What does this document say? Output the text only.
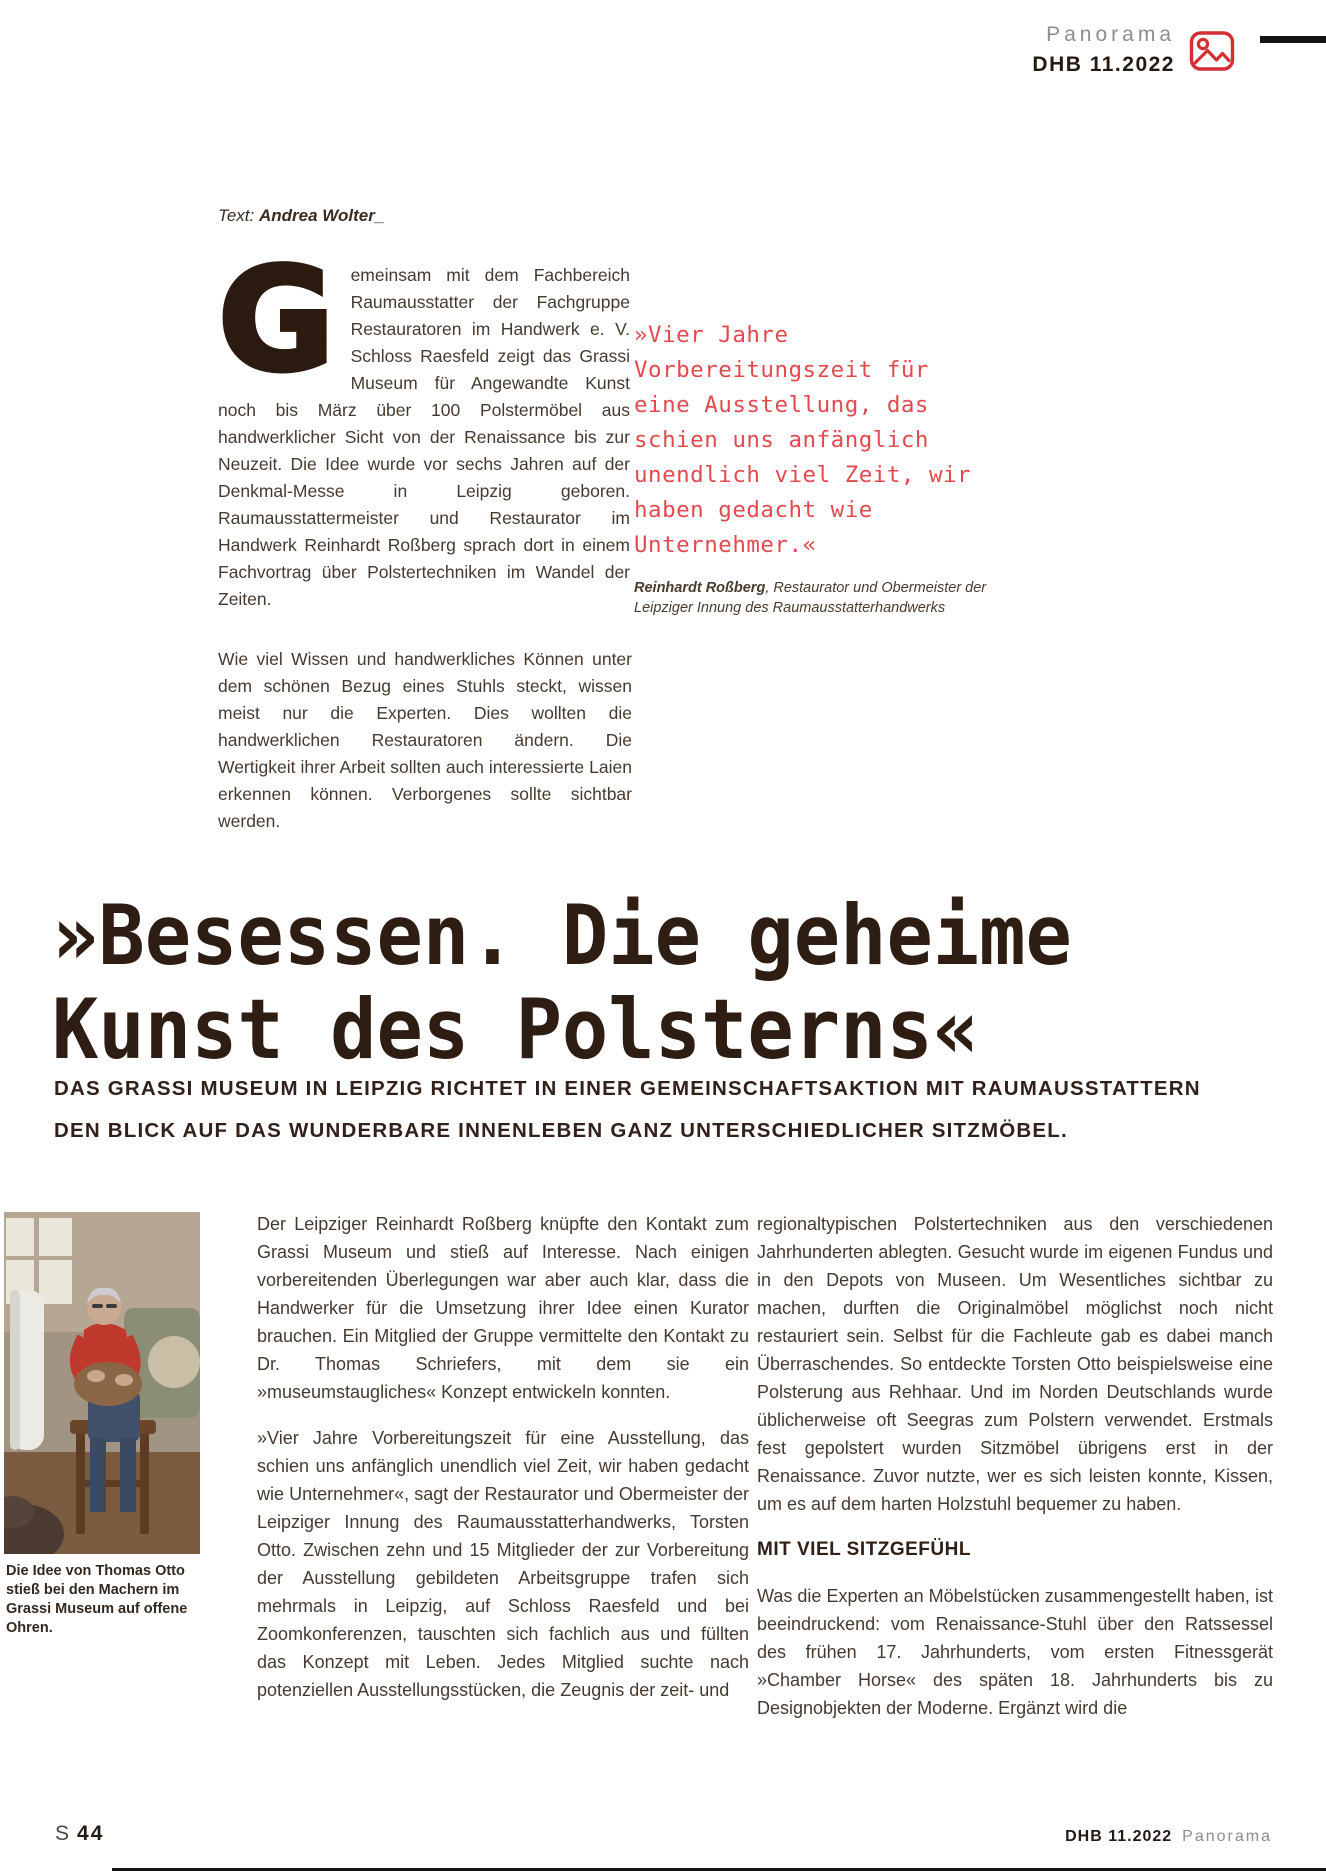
Panorama
DHB 11.2022
Text: Andrea Wolter_
Gemeinsam mit dem Fachbereich Raumausstatter der Fachgruppe Restauratoren im Handwerk e. V. Schloss Raesfeld zeigt das Grassi Museum für Angewandte Kunst noch bis März über 100 Polstermöbel aus handwerklicher Sicht von der Renaissance bis zur Neuzeit. Die Idee wurde vor sechs Jahren auf der Denkmal-Messe in Leipzig geboren. Raumausstattermeister und Restaurator im Handwerk Reinhardt Roßberg sprach dort in einem Fachvortrag über Polstertechniken im Wandel der Zeiten.
Wie viel Wissen und handwerkliches Können unter dem schönen Bezug eines Stuhls steckt, wissen meist nur die Experten. Dies wollten die handwerklichen Restauratoren ändern. Die Wertigkeit ihrer Arbeit sollten auch interessierte Laien erkennen können. Verborgenes sollte sichtbar werden.
»Vier Jahre
Vorbereitungszeit für
eine Ausstellung, das
schien uns anfänglich
unendlich viel Zeit, wir
haben gedacht wie
Unternehmer.«
Reinhardt Roßberg, Restaurator und Obermeister der Leipziger Innung des Raumausstatterhandwerks
»Besessen. Die geheime
Kunst des Polsterns«
DAS GRASSI MUSEUM IN LEIPZIG RICHTET IN EINER GEMEINSCHAFTSAKTION MIT RAUMAUSSTATTERN
DEN BLICK AUF DAS WUNDERBARE INNENLEBEN GANZ UNTERSCHIEDLICHER SITZMÖBEL.
Die Idee von Thomas Otto stieß bei den Machern im Grassi Museum auf offene Ohren.

Der Leipziger Reinhardt Roßberg knüpfte den Kontakt zum Grassi Museum und stieß auf Interesse. Nach einigen vorbereitenden Überlegungen war aber auch klar, dass die Handwerker für die Umsetzung ihrer Idee einen Kurator brauchen. Ein Mitglied der Gruppe vermittelte den Kontakt zu Dr. Thomas Schriefers, mit dem sie ein »museumstaugliches« Konzept entwickeln konnten.

»Vier Jahre Vorbereitungszeit für eine Ausstellung, das schien uns anfänglich unendlich viel Zeit, wir haben gedacht wie Unternehmer«, sagt der Restaurator und Obermeister der Leipziger Innung des Raumausstatterhandwerks, Torsten Otto. Zwischen zehn und 15 Mitglieder der zur Vorbereitung der Ausstellung gebildeten Arbeitsgruppe trafen sich mehrmals in Leipzig, auf Schloss Raesfeld und bei Zoomkonferenzen, tauschten sich fachlich aus und füllten das Konzept mit Leben. Jedes Mitglied suchte nach potenziellen Ausstellungsstücken, die Zeugnis der zeit- und

regionaltypischen Polstertechniken aus den verschiedenen Jahrhunderten ablegten. Gesucht wurde im eigenen Fundus und in den Depots von Museen. Um Wesentliches sichtbar zu machen, durften die Originalmöbel möglichst noch nicht restauriert sein. Selbst für die Fachleute gab es dabei manch Überraschendes. So entdeckte Torsten Otto beispielsweise eine Polsterung aus Rehhaar. Und im Norden Deutschlands wurde üblicherweise oft Seegras zum Polstern verwendet. Erstmals fest gepolstert wurden Sitzmöbel übrigens erst in der Renaissance. Zuvor nutzte, wer es sich leisten konnte, Kissen, um es auf dem harten Holzstuhl bequemer zu haben.

MIT VIEL SITZGEFÜHL

Was die Experten an Möbelstücken zusammengestellt haben, ist beeindruckend: vom Renaissance-Stuhl über den Ratssessel des frühen 17. Jahrhunderts, vom ersten Fitnessgerät »Chamber Horse« des späten 18. Jahrhunderts bis zu Designobjekten der Moderne. Ergänzt wird die

S 44	DHB 11.2022 Panorama
